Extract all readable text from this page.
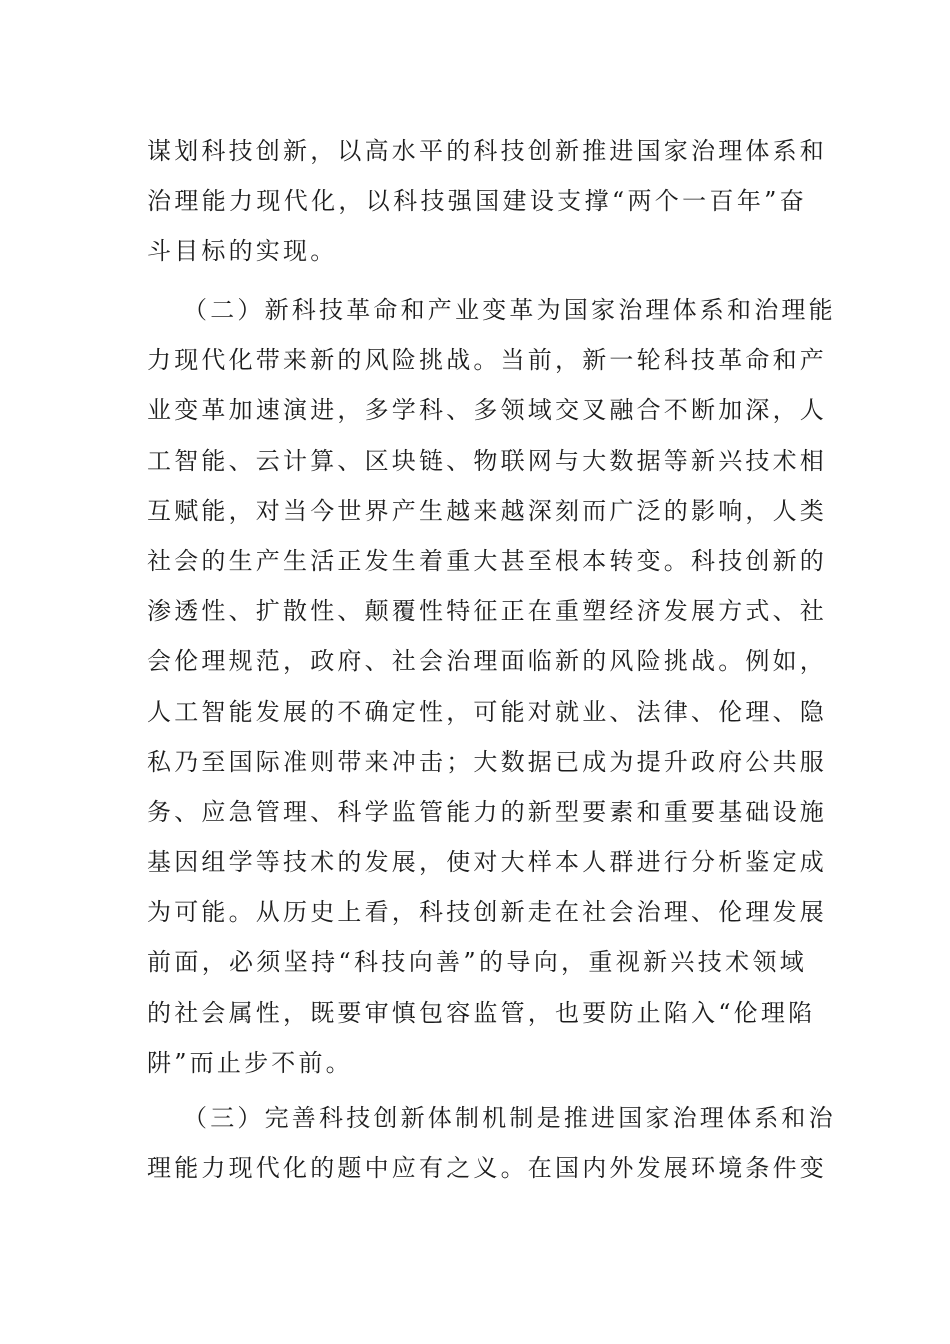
谋划科技创新，以高水平的科技创新推进国家治理体系和
治理能力现代化，以科技强国建设支撑“两个一百年”奋
斗目标的实现。

（二）新科技革命和产业变革为国家治理体系和治理能
力现代化带来新的风险挑战。当前，新一轮科技革命和产
业变革加速演进，多学科、多领域交叉融合不断加深，人
工智能、云计算、区块链、物联网与大数据等新兴技术相
互赋能，对当今世界产生越来越深刻而广泛的影响，人类
社会的生产生活正发生着重大甚至根本转变。科技创新的
渗透性、扩散性、颠覆性特征正在重塑经济发展方式、社
会伦理规范，政府、社会治理面临新的风险挑战。例如，
人工智能发展的不确定性，可能对就业、法律、伦理、隐
私乃至国际准则带来冲击；大数据已成为提升政府公共服
务、应急管理、科学监管能力的新型要素和重要基础设施
基因组学等技术的发展，使对大样本人群进行分析鉴定成
为可能。从历史上看，科技创新走在社会治理、伦理发展
前面，必须坚持“科技向善”的导向，重视新兴技术领域
的社会属性，既要审慎包容监管，也要防止陷入“伦理陷
阱”而止步不前。

（三）完善科技创新体制机制是推进国家治理体系和治
理能力现代化的题中应有之义。在国内外发展环境条件变
